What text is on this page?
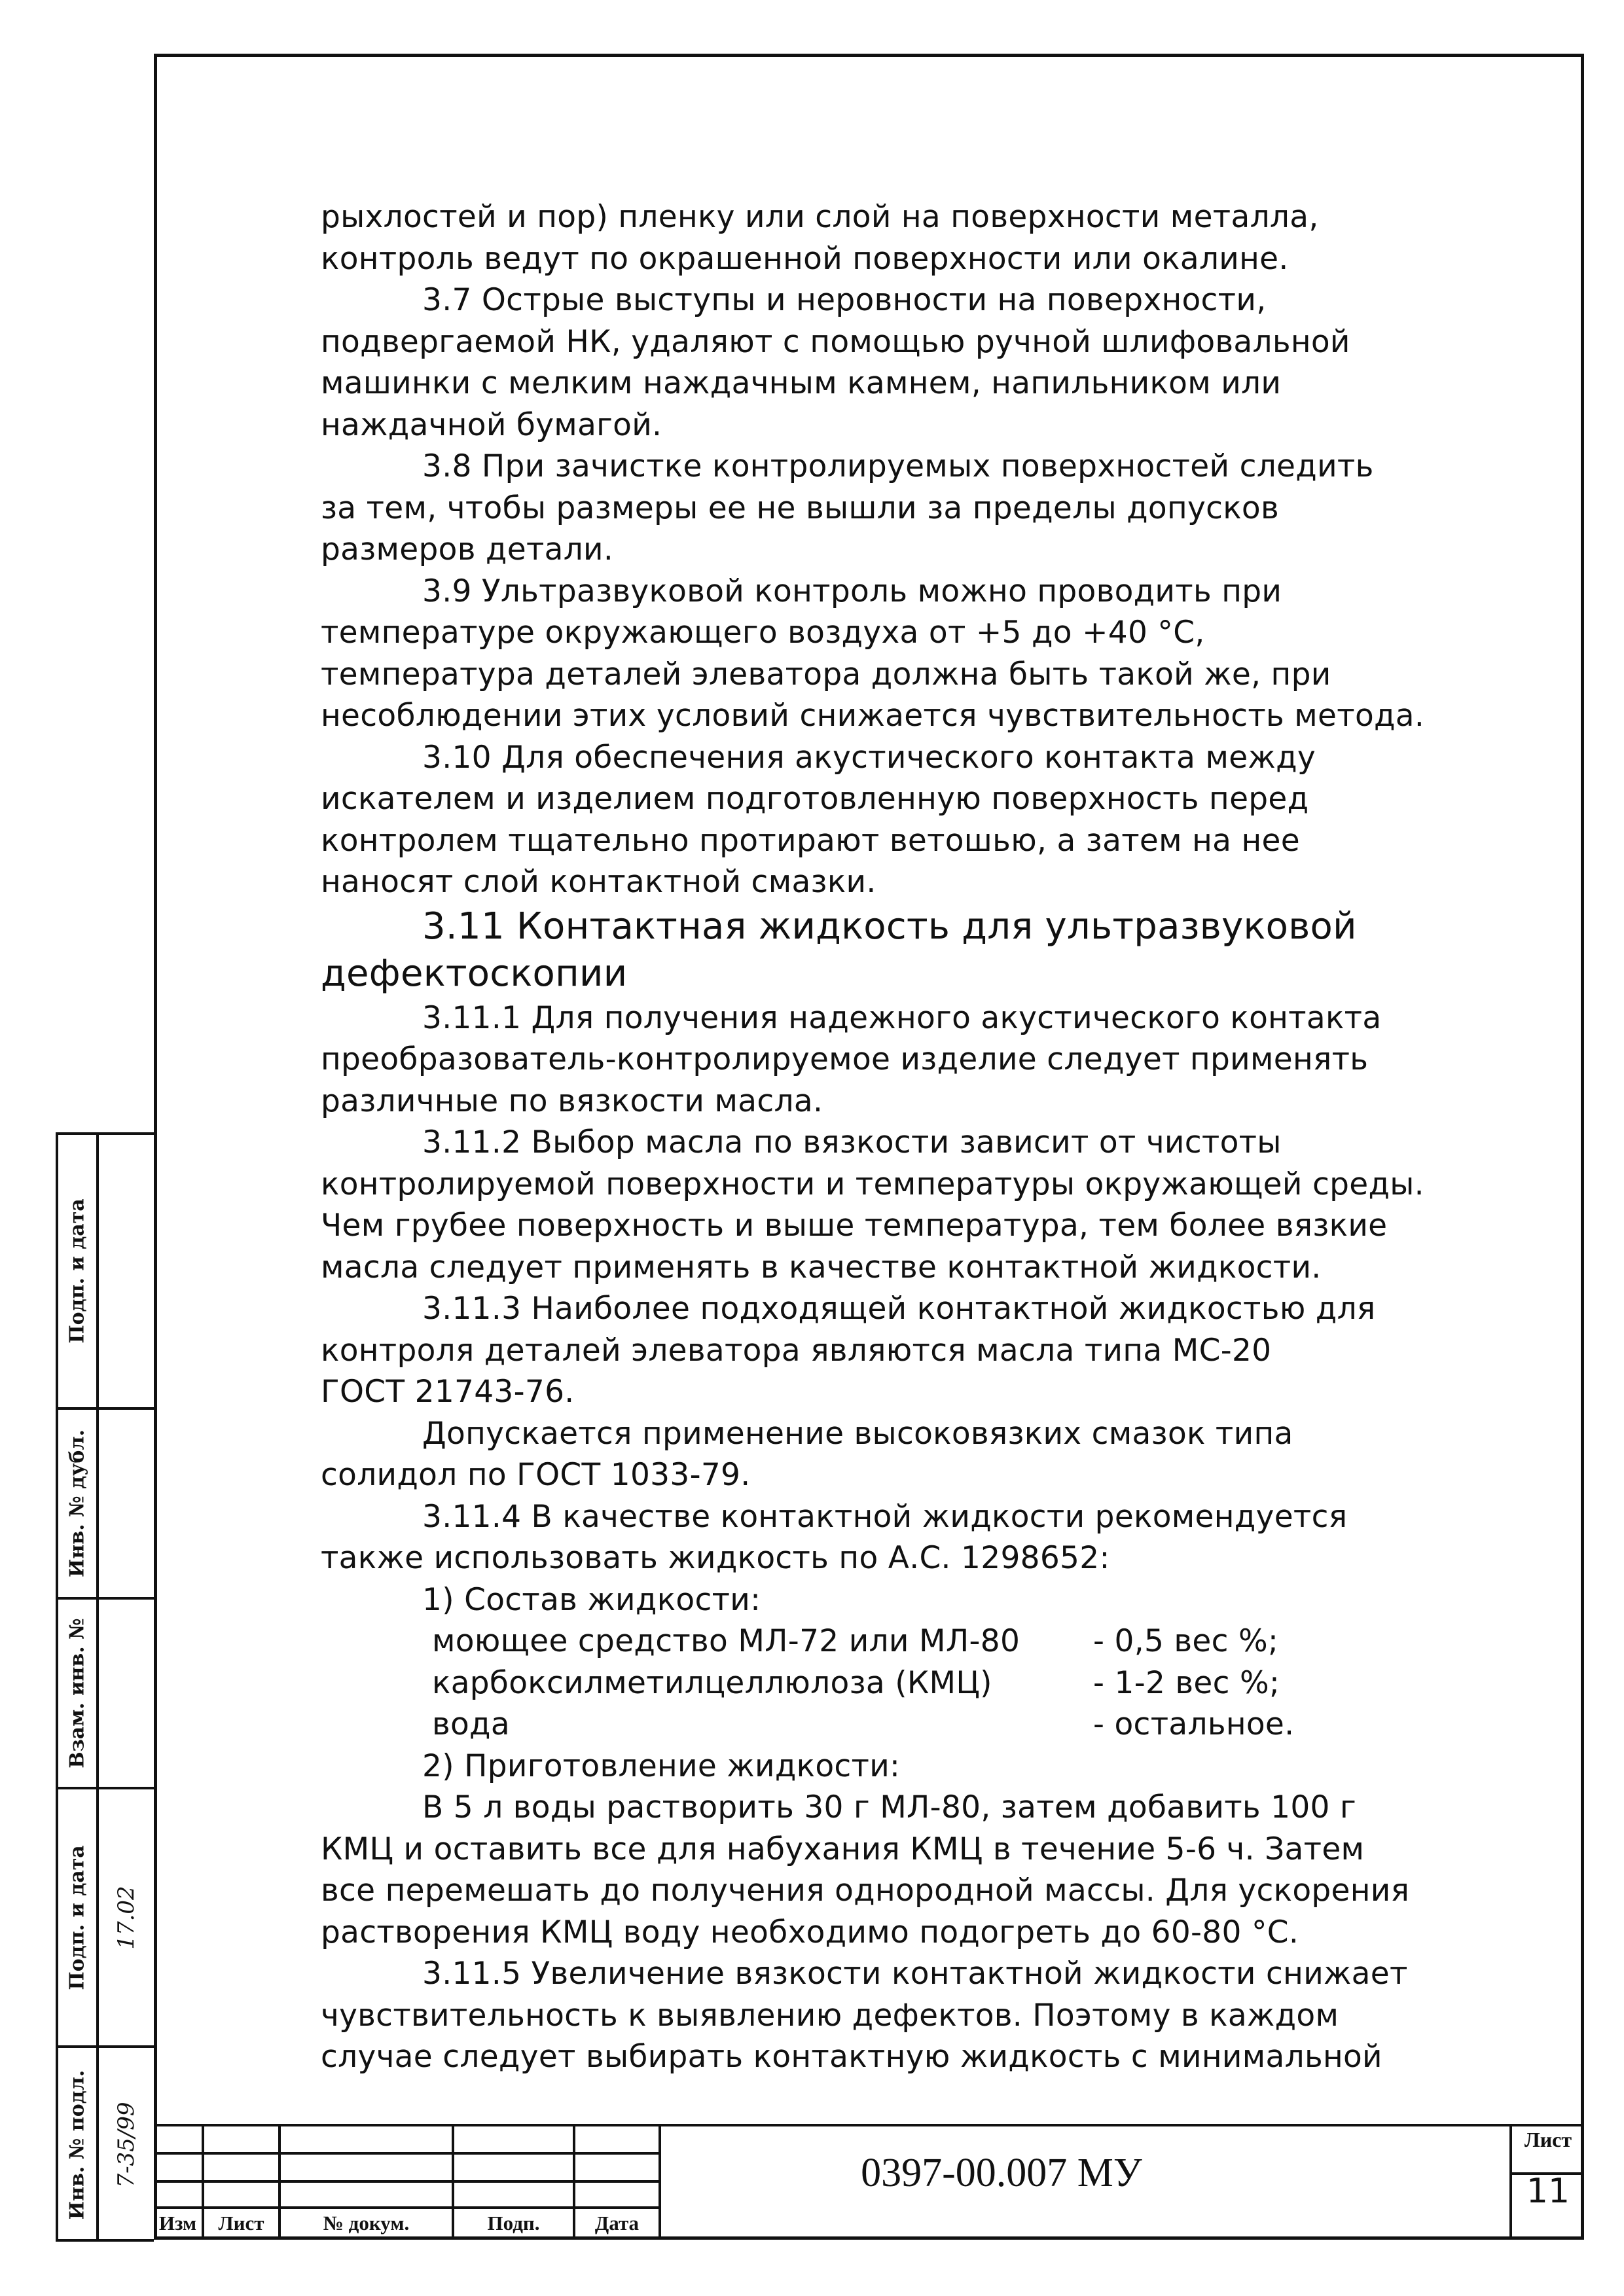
рыхлостей и пор) пленку или слой на поверхности металла,

контроль ведут по окрашенной поверхности или окалине.

3.7 Острые выступы и неровности на поверхности,

подвергаемой НК, удаляют с помощью ручной шлифовальной

машинки с мелким наждачным камнем, напильником или

наждачной бумагой.

3.8 При зачистке контролируемых поверхностей следить

за тем, чтобы размеры ее не вышли за пределы допусков

размеров детали.

3.9 Ультразвуковой контроль можно проводить при

температуре окружающего воздуха от +5 до +40 °С,

температура деталей элеватора должна быть такой же, при

несоблюдении этих условий снижается чувствительность метода.

3.10 Для обеспечения акустического контакта между

искателем и изделием подготовленную поверхность перед

контролем тщательно протирают ветошью, а затем на нее

наносят слой контактной смазки.

3.11 Контактная жидкость для ультразвуковой

дефектоскопии

3.11.1 Для получения надежного акустического контакта

преобразователь-контролируемое изделие следует применять

различные по вязкости масла.

3.11.2 Выбор масла по вязкости зависит от чистоты

контролируемой поверхности и температуры окружающей среды.

Чем грубее поверхность и выше температура, тем более вязкие

масла следует применять в качестве контактной жидкости.

3.11.3 Наиболее подходящей контактной жидкостью для

контроля деталей элеватора являются масла типа МС-20

ГОСТ 21743-76.

Допускается применение высоковязких смазок типа

солидол по ГОСТ 1033-79.

3.11.4 В качестве контактной жидкости рекомендуется

также использовать жидкость по А.С. 1298652:

1) Состав жидкости:

моющее средство МЛ-72 или МЛ-80	- 0,5 вес %;
карбоксилметилцеллюлоза (КМЦ)	- 1-2 вес %;
вода	- остальное.

2) Приготовление жидкости:

В 5 л воды растворить 30 г МЛ-80, затем добавить 100 г

КМЦ и оставить все для набухания КМЦ в течение 5-6 ч. Затем

все перемешать до получения однородной массы. Для ускорения

растворения КМЦ воду необходимо подогреть до 60-80 °С.

3.11.5 Увеличение вязкости контактной жидкости снижает

чувствительность к выявлению дефектов. Поэтому в каждом

случае следует выбирать контактную жидкость с минимальной

Подп. и дата
Инв. № дубл.
Взам. инв. №
Подп. и дата 17.02
Инв. № подл. 7-35/99
Изм	Лист	№ докум.	Подп.	Дата
0397-00.007 МУ
Лист
11
